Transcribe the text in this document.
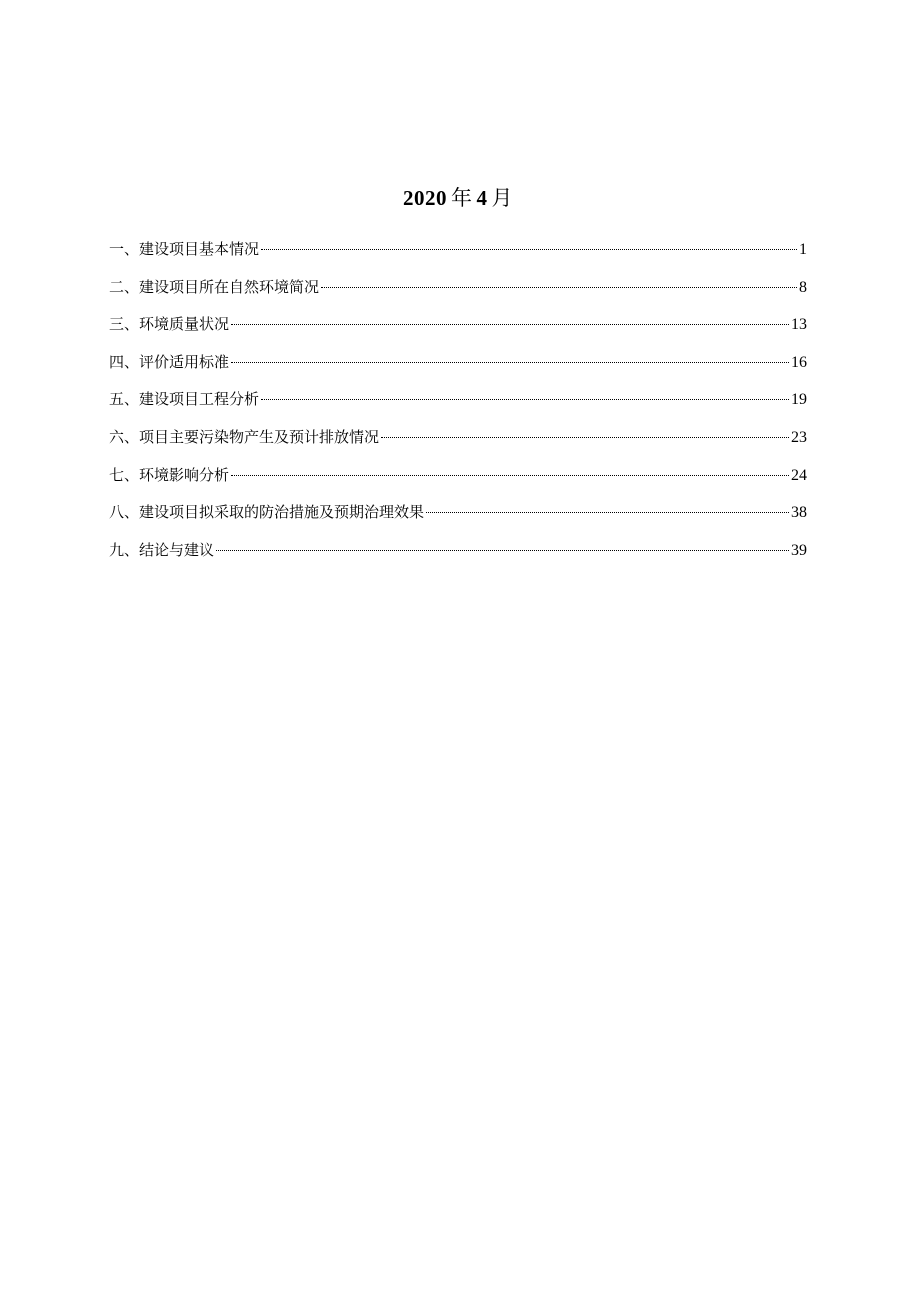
2020 年 4 月
一、建设项目基本情况	1
二、建设项目所在自然环境简况	8
三、环境质量状况	13
四、评价适用标准	16
五、建设项目工程分析	19
六、项目主要污染物产生及预计排放情况	23
七、环境影响分析	24
八、建设项目拟采取的防治措施及预期治理效果	38
九、结论与建议	39
